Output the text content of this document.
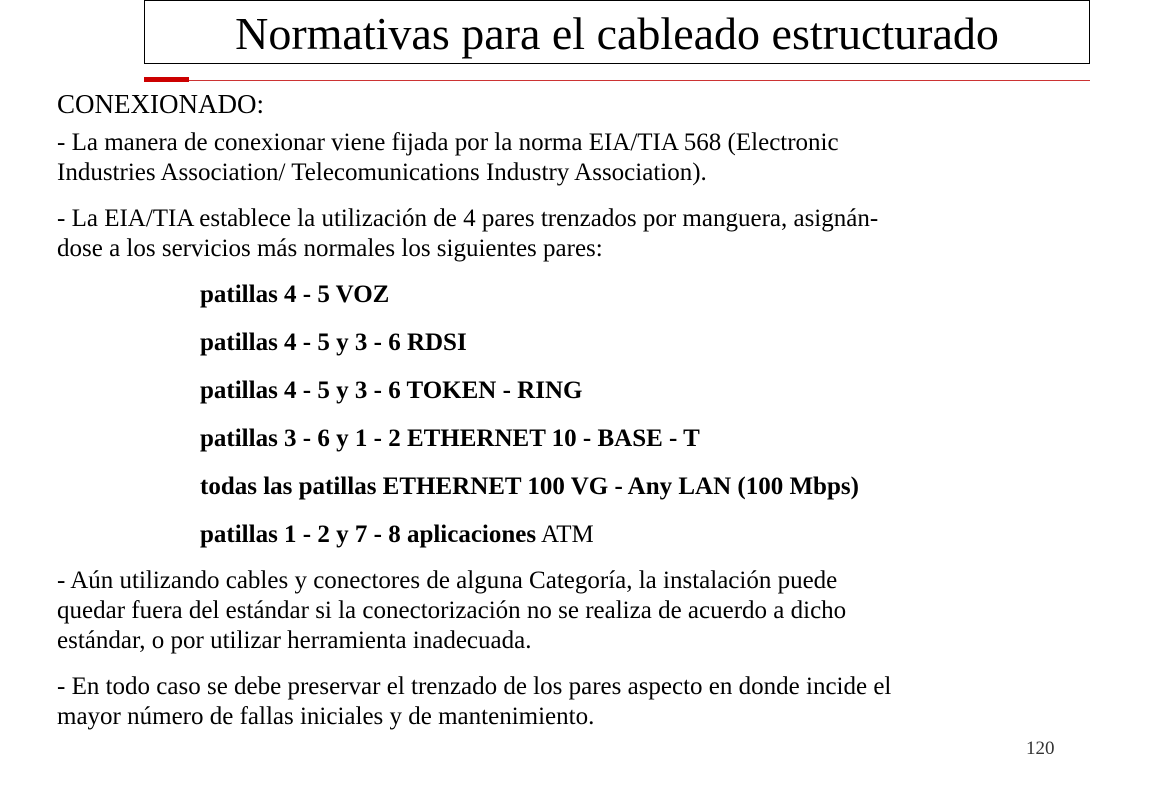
Normativas para el cableado estructurado
CONEXIONADO:
- La manera de conexionar viene fijada por la norma EIA/TIA 568 (Electronic
Industries Association/ Telecomunications Industry Association).
- La EIA/TIA establece la utilización de 4 pares trenzados por manguera, asignán-
dose a los servicios más normales los siguientes pares:
patillas 4 - 5 VOZ
patillas 4 - 5 y 3 - 6 RDSI
patillas 4 - 5 y 3 - 6 TOKEN - RING
patillas 3 - 6 y 1 - 2 ETHERNET 10 - BASE - T
todas las patillas ETHERNET 100 VG - Any LAN (100 Mbps)
patillas 1 - 2 y 7 - 8 aplicaciones ATM
- Aún utilizando cables y conectores de alguna Categoría, la instalación puede
quedar fuera del estándar si la conectorización no se realiza de acuerdo a dicho
estándar, o por utilizar herramienta inadecuada.
- En todo caso se debe preservar el trenzado de los pares aspecto en donde incide el
mayor número de fallas iniciales y de mantenimiento.
120
